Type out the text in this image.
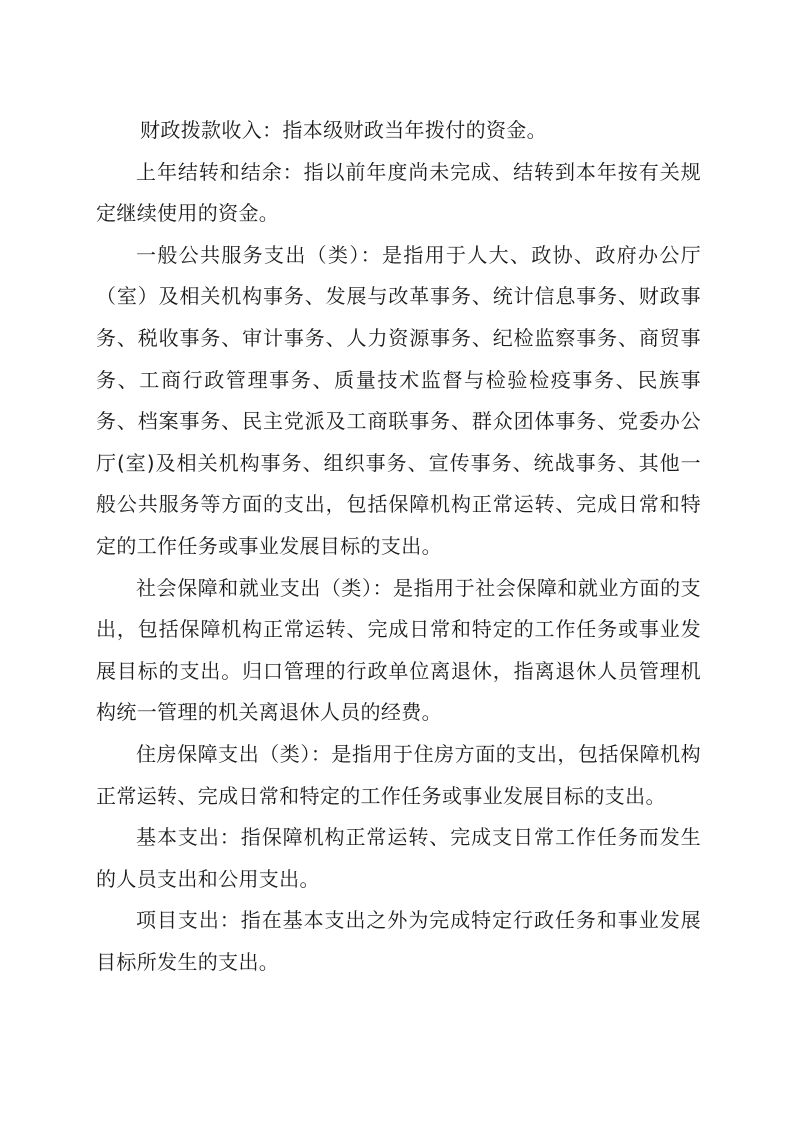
财政拨款收入：指本级财政当年拨付的资金。

上年结转和结余：指以前年度尚未完成、结转到本年按有关规定继续使用的资金。

一般公共服务支出（类）：是指用于人大、政协、政府办公厅（室）及相关机构事务、发展与改革事务、统计信息事务、财政事务、税收事务、审计事务、人力资源事务、纪检监察事务、商贸事务、工商行政管理事务、质量技术监督与检验检疫事务、民族事务、档案事务、民主党派及工商联事务、群众团体事务、党委办公厅(室)及相关机构事务、组织事务、宣传事务、统战事务、其他一般公共服务等方面的支出，包括保障机构正常运转、完成日常和特定的工作任务或事业发展目标的支出。

社会保障和就业支出（类）：是指用于社会保障和就业方面的支出，包括保障机构正常运转、完成日常和特定的工作任务或事业发展目标的支出。归口管理的行政单位离退休，指离退休人员管理机构统一管理的机关离退休人员的经费。

住房保障支出（类）：是指用于住房方面的支出，包括保障机构正常运转、完成日常和特定的工作任务或事业发展目标的支出。

基本支出：指保障机构正常运转、完成支日常工作任务而发生的人员支出和公用支出。

项目支出：指在基本支出之外为完成特定行政任务和事业发展目标所发生的支出。
